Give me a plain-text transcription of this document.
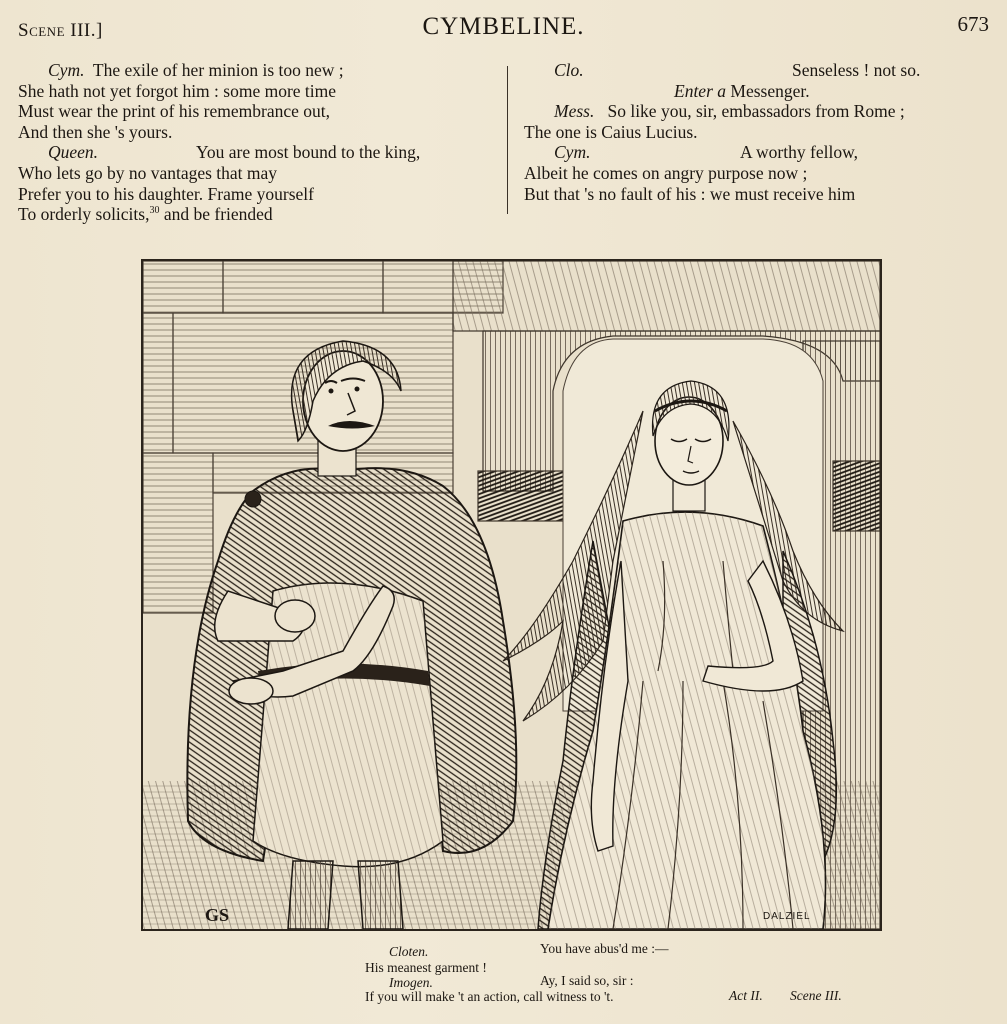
Scene III.]	CYMBELINE.	673
Cym. The exile of her minion is too new ;
She hath not yet forgot him : some more time
Must wear the print of his remembrance out,
And then she 's yours.
Queen.	You are most bound to the king,
Who lets go by no vantages that may
Prefer you to his daughter. Frame yourself
To orderly solicits,$^{30}$ and be friended
Clo.	Senseless ! not so.
Enter a Messenger.
Mess. So like you, sir, embassadors from Rome ;
The one is Caius Lucius.
Cym.	A worthy fellow,
Albeit he comes on angry purpose now ;
But that 's no fault of his : we must receive him
GS	DALZIEL
Cloten.	You have abus'd me :—
His meanest garment !
Imogen.	Ay, I said so, sir :
If you will make 't an action, call witness to 't.	Act II. Scene III.
